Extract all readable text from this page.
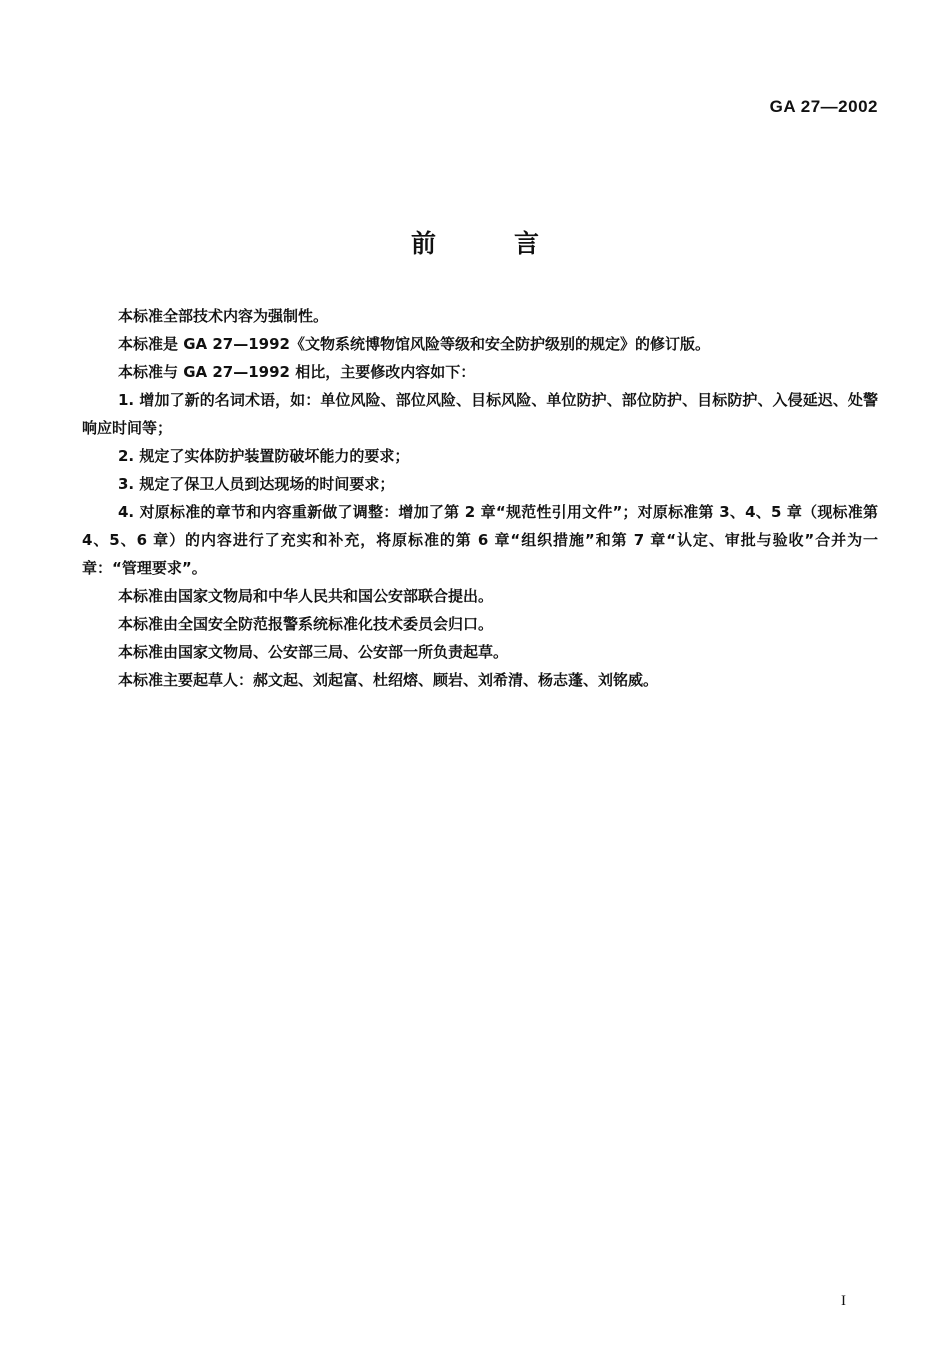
GA 27—2002
前言

本标准全部技术内容为强制性。

本标准是 GA 27—1992《文物系统博物馆风险等级和安全防护级别的规定》的修订版。

本标准与 GA 27—1992 相比，主要修改内容如下：

1. 增加了新的名词术语，如：单位风险、部位风险、目标风险、单位防护、部位防护、目标防护、入侵延迟、处警响应时间等；

2. 规定了实体防护装置防破坏能力的要求；

3. 规定了保卫人员到达现场的时间要求；

4. 对原标准的章节和内容重新做了调整：增加了第 2 章“规范性引用文件”；对原标准第 3、4、5 章（现标准第 4、5、6 章）的内容进行了充实和补充，将原标准的第 6 章“组织措施”和第 7 章“认定、审批与验收”合并为一章：“管理要求”。

本标准由国家文物局和中华人民共和国公安部联合提出。

本标准由全国安全防范报警系统标准化技术委员会归口。

本标准由国家文物局、公安部三局、公安部一所负责起草。

本标准主要起草人：郝文起、刘起富、杜绍熔、顾岩、刘希清、杨志蓬、刘铭威。

I
